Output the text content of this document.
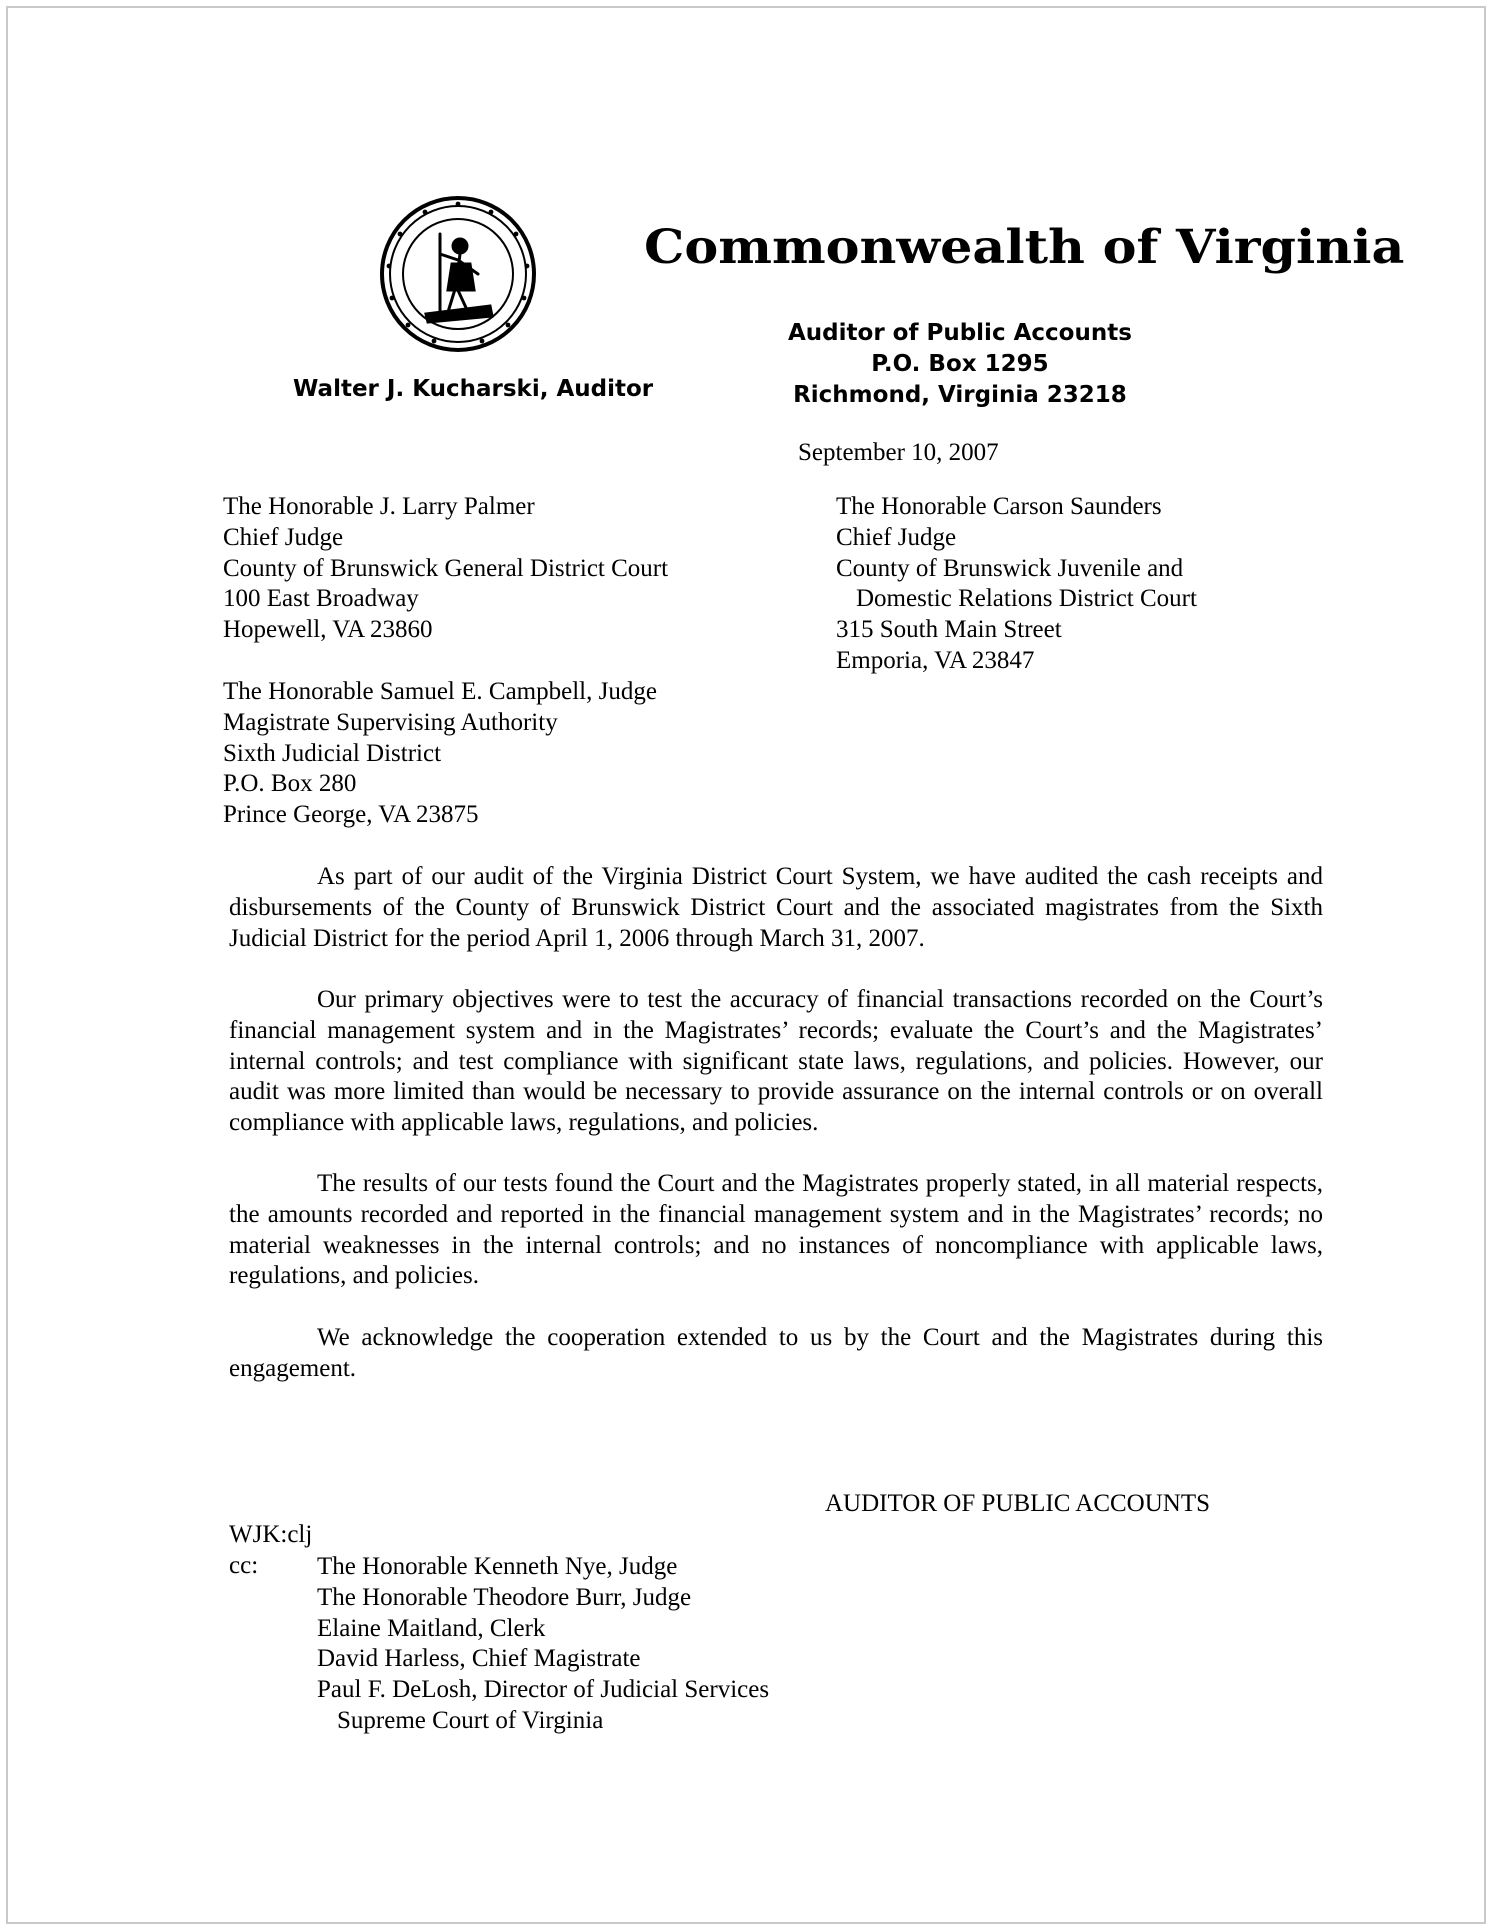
Commonwealth of Virginia
Walter J. Kucharski, Auditor
Auditor of Public Accounts
P.O. Box 1295
Richmond, Virginia 23218
September 10, 2007
The Honorable J. Larry Palmer
Chief Judge
County of Brunswick General District Court
100 East Broadway
Hopewell, VA 23860
The Honorable Carson Saunders
Chief Judge
County of Brunswick Juvenile and
Domestic Relations District Court
315 South Main Street
Emporia, VA 23847
The Honorable Samuel E. Campbell, Judge
Magistrate Supervising Authority
Sixth Judicial District
P.O. Box 280
Prince George, VA 23875

As part of our audit of the Virginia District Court System, we have audited the cash receipts and disbursements of the County of Brunswick District Court and the associated magistrates from the Sixth Judicial District for the period April 1, 2006 through March 31, 2007.

Our primary objectives were to test the accuracy of financial transactions recorded on the Court’s financial management system and in the Magistrates’ records; evaluate the Court’s and the Magistrates’ internal controls; and test compliance with significant state laws, regulations, and policies. However, our audit was more limited than would be necessary to provide assurance on the internal controls or on overall compliance with applicable laws, regulations, and policies.

The results of our tests found the Court and the Magistrates properly stated, in all material respects, the amounts recorded and reported in the financial management system and in the Magistrates’ records; no material weaknesses in the internal controls; and no instances of noncompliance with applicable laws, regulations, and policies.

We acknowledge the cooperation extended to us by the Court and the Magistrates during this engagement.

AUDITOR OF PUBLIC ACCOUNTS
WJK:clj
cc: The Honorable Kenneth Nye, Judge
The Honorable Theodore Burr, Judge
Elaine Maitland, Clerk
David Harless, Chief Magistrate
Paul F. DeLosh, Director of Judicial Services
Supreme Court of Virginia
